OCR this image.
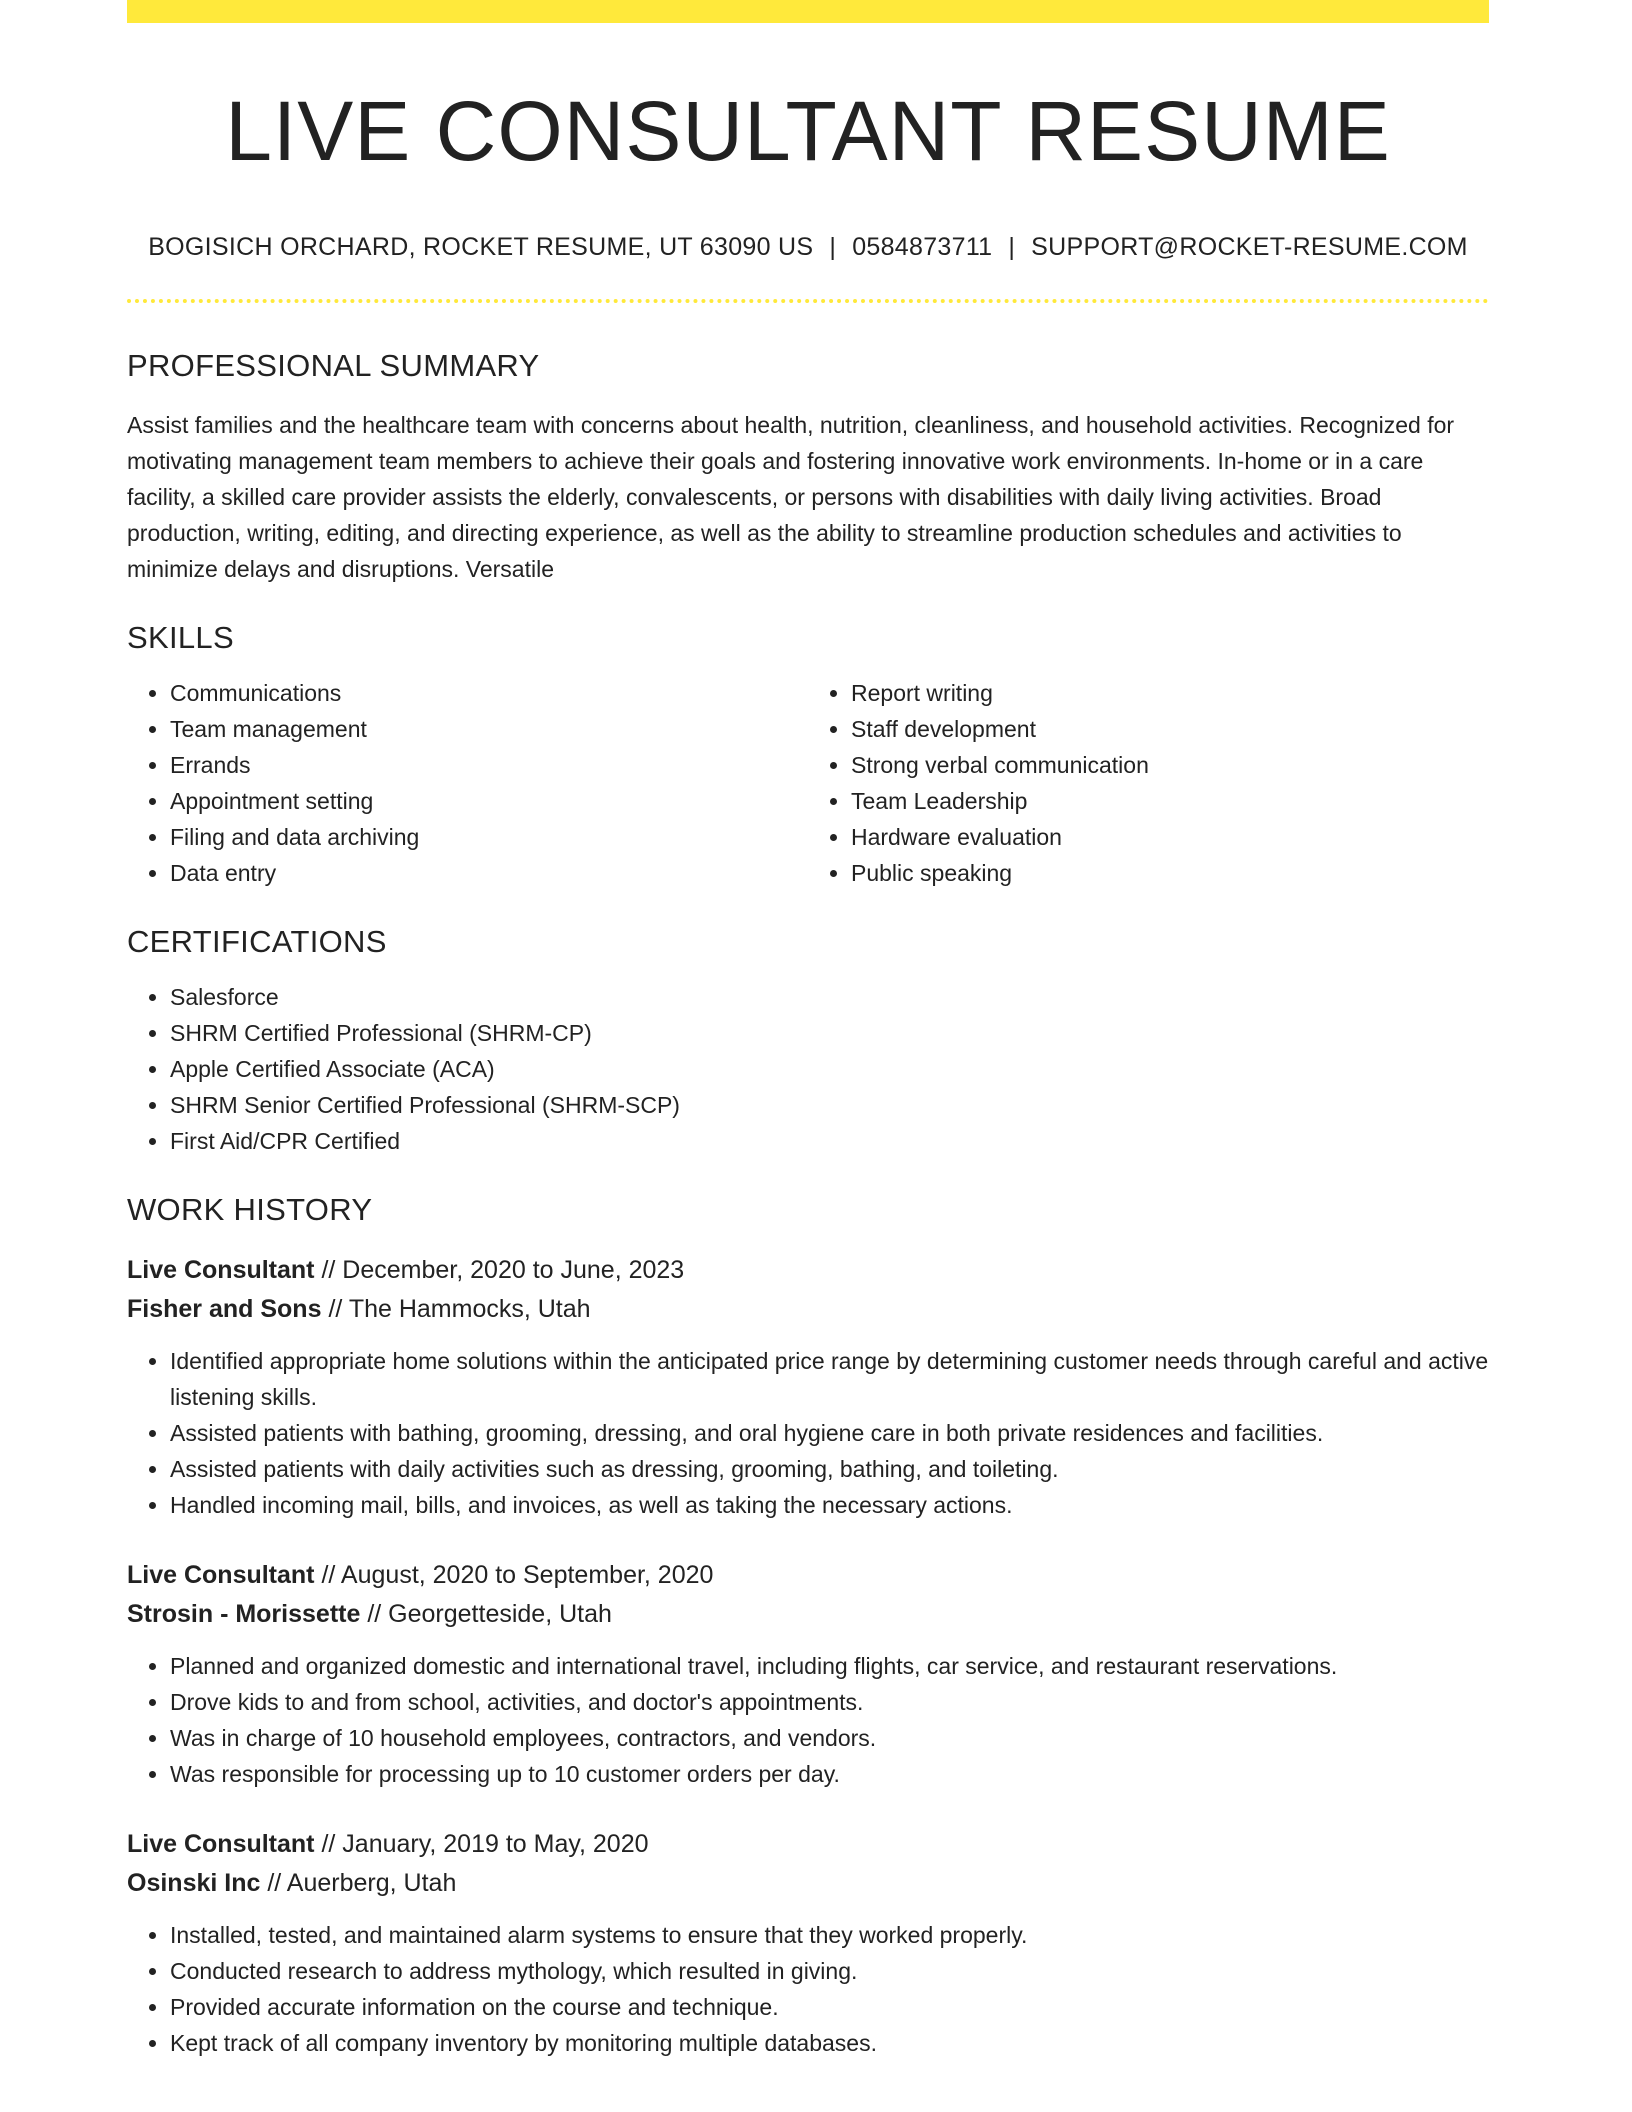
LIVE CONSULTANT RESUME
BOGISICH ORCHARD, ROCKET RESUME, UT 63090 US | 0584873711 | SUPPORT@ROCKET-RESUME.COM
PROFESSIONAL SUMMARY

Assist families and the healthcare team with concerns about health, nutrition, cleanliness, and household activities. Recognized for motivating management team members to achieve their goals and fostering innovative work environments. In-home or in a care facility, a skilled care provider assists the elderly, convalescents, or persons with disabilities with daily living activities. Broad production, writing, editing, and directing experience, as well as the ability to streamline production schedules and activities to minimize delays and disruptions. Versatile

SKILLS
• Communications
• Team management
• Errands
• Appointment setting
• Filing and data archiving
• Data entry
• Report writing
• Staff development
• Strong verbal communication
• Team Leadership
• Hardware evaluation
• Public speaking
CERTIFICATIONS
• Salesforce
• SHRM Certified Professional (SHRM-CP)
• Apple Certified Associate (ACA)
• SHRM Senior Certified Professional (SHRM-SCP)
• First Aid/CPR Certified
WORK HISTORY
Live Consultant // December, 2020 to June, 2023
Fisher and Sons // The Hammocks, Utah
• Identified appropriate home solutions within the anticipated price range by determining customer needs through careful and active listening skills.
• Assisted patients with bathing, grooming, dressing, and oral hygiene care in both private residences and facilities.
• Assisted patients with daily activities such as dressing, grooming, bathing, and toileting.
• Handled incoming mail, bills, and invoices, as well as taking the necessary actions.
Live Consultant // August, 2020 to September, 2020
Strosin - Morissette // Georgetteside, Utah
• Planned and organized domestic and international travel, including flights, car service, and restaurant reservations.
• Drove kids to and from school, activities, and doctor's appointments.
• Was in charge of 10 household employees, contractors, and vendors.
• Was responsible for processing up to 10 customer orders per day.
Live Consultant // January, 2019 to May, 2020
Osinski Inc // Auerberg, Utah
• Installed, tested, and maintained alarm systems to ensure that they worked properly.
• Conducted research to address mythology, which resulted in giving.
• Provided accurate information on the course and technique.
• Kept track of all company inventory by monitoring multiple databases.
